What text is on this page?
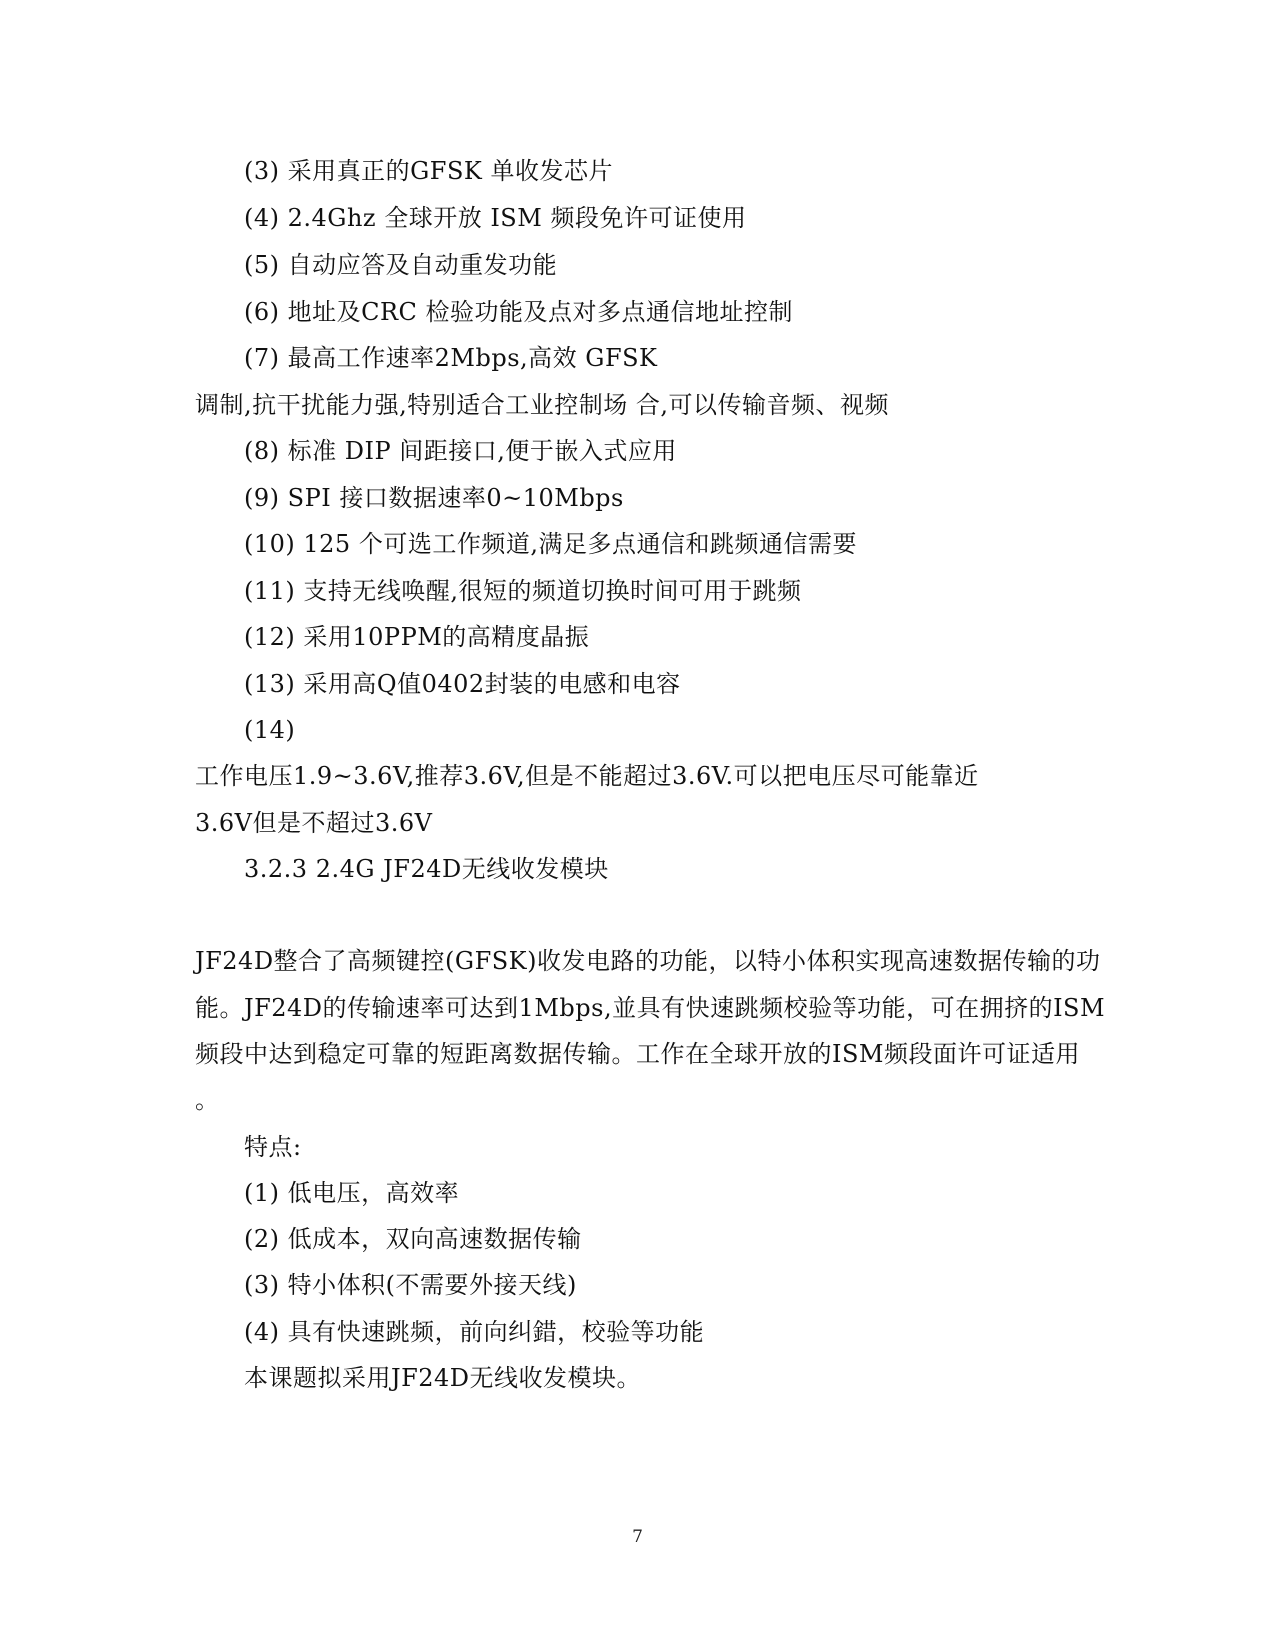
(3) 采用真正的GFSK 单收发芯片
(4) 2.4Ghz 全球开放 ISM 频段免许可证使用
(5) 自动应答及自动重发功能
(6) 地址及CRC 检验功能及点对多点通信地址控制
(7) 最高工作速率2Mbps,高效 GFSK
调制,抗干扰能力强,特别适合工业控制场 合,可以传输音频、视频
(8) 标准 DIP 间距接口,便于嵌入式应用
(9) SPI 接口数据速率0~10Mbps
(10) 125 个可选工作频道,满足多点通信和跳频通信需要
(11) 支持无线唤醒,很短的频道切换时间可用于跳频
(12) 采用10PPM的高精度晶振
(13) 采用高Q值0402封装的电感和电容
(14)
工作电压1.9~3.6V,推荐3.6V,但是不能超过3.6V.可以把电压尽可能靠近
3.6V但是不超过3.6V
3.2.3 2.4G JF24D无线收发模块
JF24D整合了高频键控(GFSK)收发电路的功能，以特小体积实现高速数据传输的功
能。JF24D的传输速率可达到1Mbps,並具有快速跳频校验等功能，可在拥挤的ISM
频段中达到稳定可靠的短距离数据传输。工作在全球开放的ISM频段面许可证适用
。
特点:
(1) 低电压，高效率
(2) 低成本，双向高速数据传输
(3) 特小体积(不需要外接天线)
(4) 具有快速跳频，前向纠錯，校验等功能
本课题拟采用JF24D无线收发模块。
7
